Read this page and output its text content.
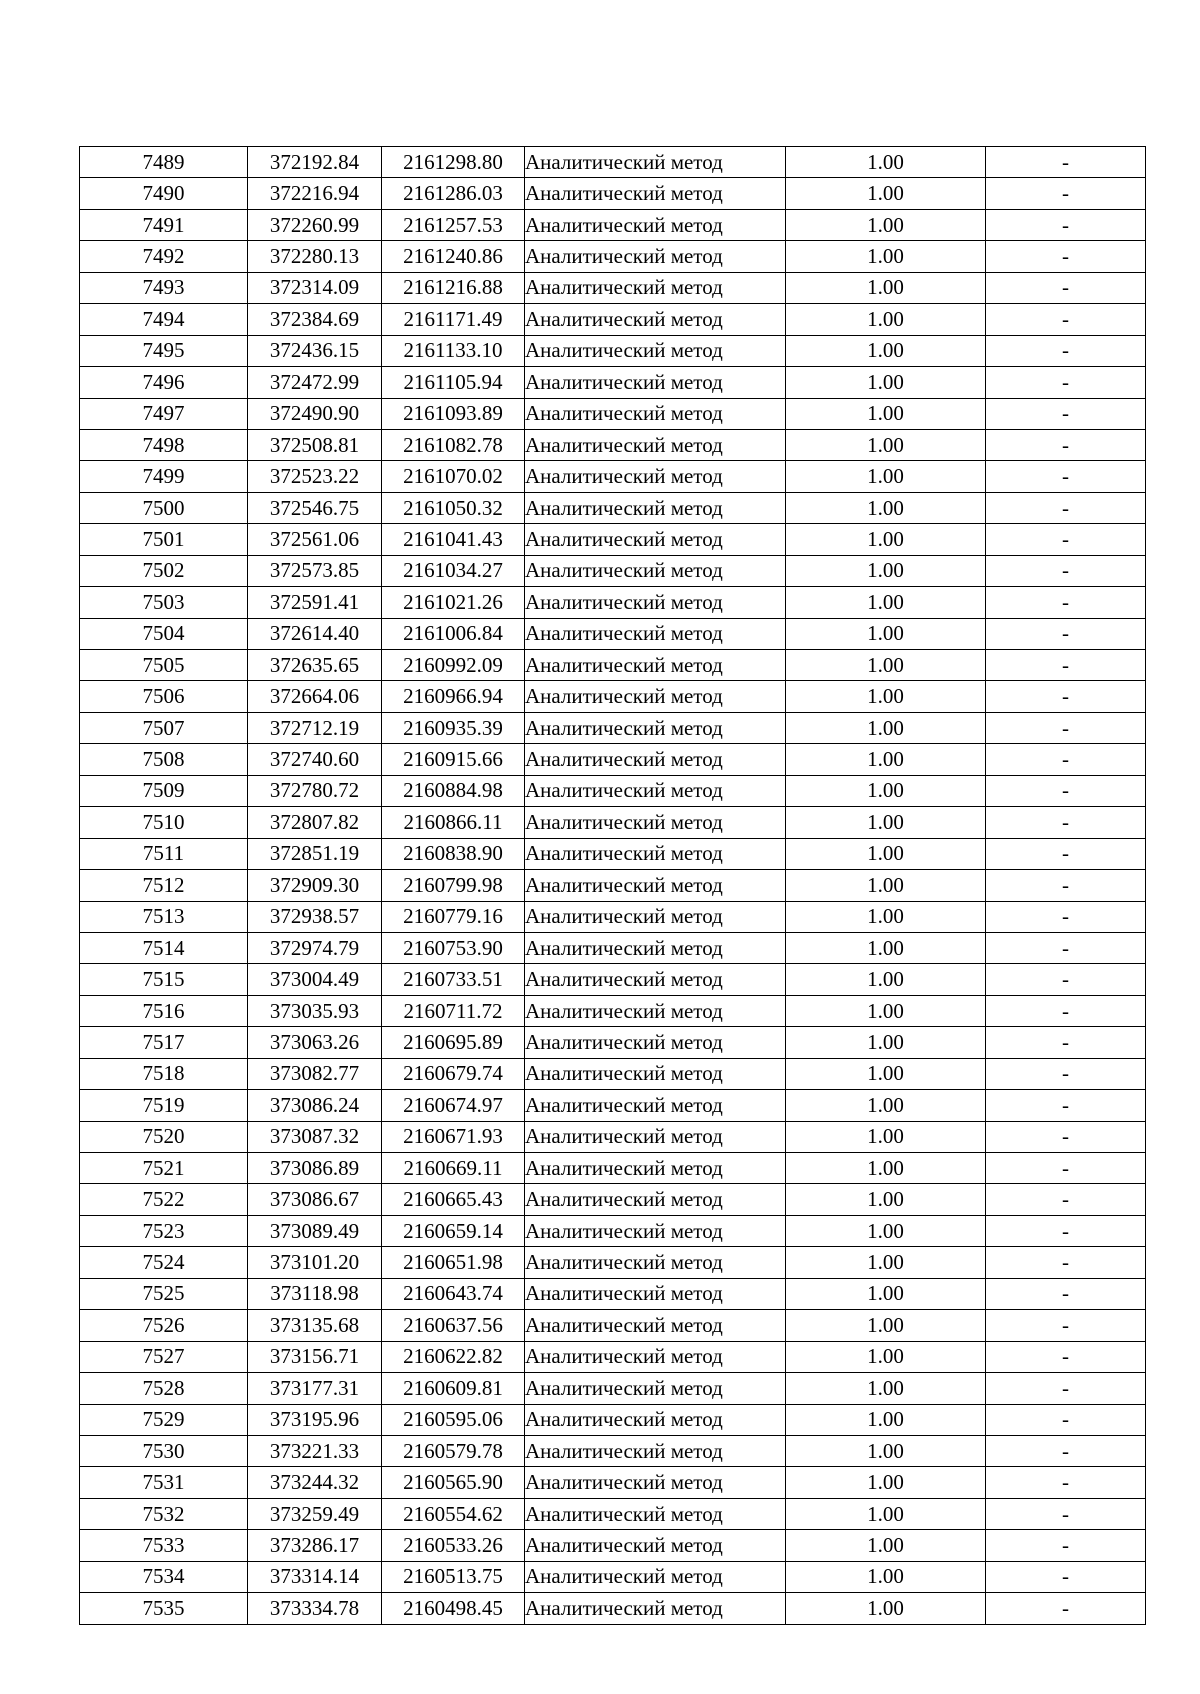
7489	372192.84	2161298.80	Аналитический метод	1.00	-
7490	372216.94	2161286.03	Аналитический метод	1.00	-
7491	372260.99	2161257.53	Аналитический метод	1.00	-
7492	372280.13	2161240.86	Аналитический метод	1.00	-
7493	372314.09	2161216.88	Аналитический метод	1.00	-
7494	372384.69	2161171.49	Аналитический метод	1.00	-
7495	372436.15	2161133.10	Аналитический метод	1.00	-
7496	372472.99	2161105.94	Аналитический метод	1.00	-
7497	372490.90	2161093.89	Аналитический метод	1.00	-
7498	372508.81	2161082.78	Аналитический метод	1.00	-
7499	372523.22	2161070.02	Аналитический метод	1.00	-
7500	372546.75	2161050.32	Аналитический метод	1.00	-
7501	372561.06	2161041.43	Аналитический метод	1.00	-
7502	372573.85	2161034.27	Аналитический метод	1.00	-
7503	372591.41	2161021.26	Аналитический метод	1.00	-
7504	372614.40	2161006.84	Аналитический метод	1.00	-
7505	372635.65	2160992.09	Аналитический метод	1.00	-
7506	372664.06	2160966.94	Аналитический метод	1.00	-
7507	372712.19	2160935.39	Аналитический метод	1.00	-
7508	372740.60	2160915.66	Аналитический метод	1.00	-
7509	372780.72	2160884.98	Аналитический метод	1.00	-
7510	372807.82	2160866.11	Аналитический метод	1.00	-
7511	372851.19	2160838.90	Аналитический метод	1.00	-
7512	372909.30	2160799.98	Аналитический метод	1.00	-
7513	372938.57	2160779.16	Аналитический метод	1.00	-
7514	372974.79	2160753.90	Аналитический метод	1.00	-
7515	373004.49	2160733.51	Аналитический метод	1.00	-
7516	373035.93	2160711.72	Аналитический метод	1.00	-
7517	373063.26	2160695.89	Аналитический метод	1.00	-
7518	373082.77	2160679.74	Аналитический метод	1.00	-
7519	373086.24	2160674.97	Аналитический метод	1.00	-
7520	373087.32	2160671.93	Аналитический метод	1.00	-
7521	373086.89	2160669.11	Аналитический метод	1.00	-
7522	373086.67	2160665.43	Аналитический метод	1.00	-
7523	373089.49	2160659.14	Аналитический метод	1.00	-
7524	373101.20	2160651.98	Аналитический метод	1.00	-
7525	373118.98	2160643.74	Аналитический метод	1.00	-
7526	373135.68	2160637.56	Аналитический метод	1.00	-
7527	373156.71	2160622.82	Аналитический метод	1.00	-
7528	373177.31	2160609.81	Аналитический метод	1.00	-
7529	373195.96	2160595.06	Аналитический метод	1.00	-
7530	373221.33	2160579.78	Аналитический метод	1.00	-
7531	373244.32	2160565.90	Аналитический метод	1.00	-
7532	373259.49	2160554.62	Аналитический метод	1.00	-
7533	373286.17	2160533.26	Аналитический метод	1.00	-
7534	373314.14	2160513.75	Аналитический метод	1.00	-
7535	373334.78	2160498.45	Аналитический метод	1.00	-
